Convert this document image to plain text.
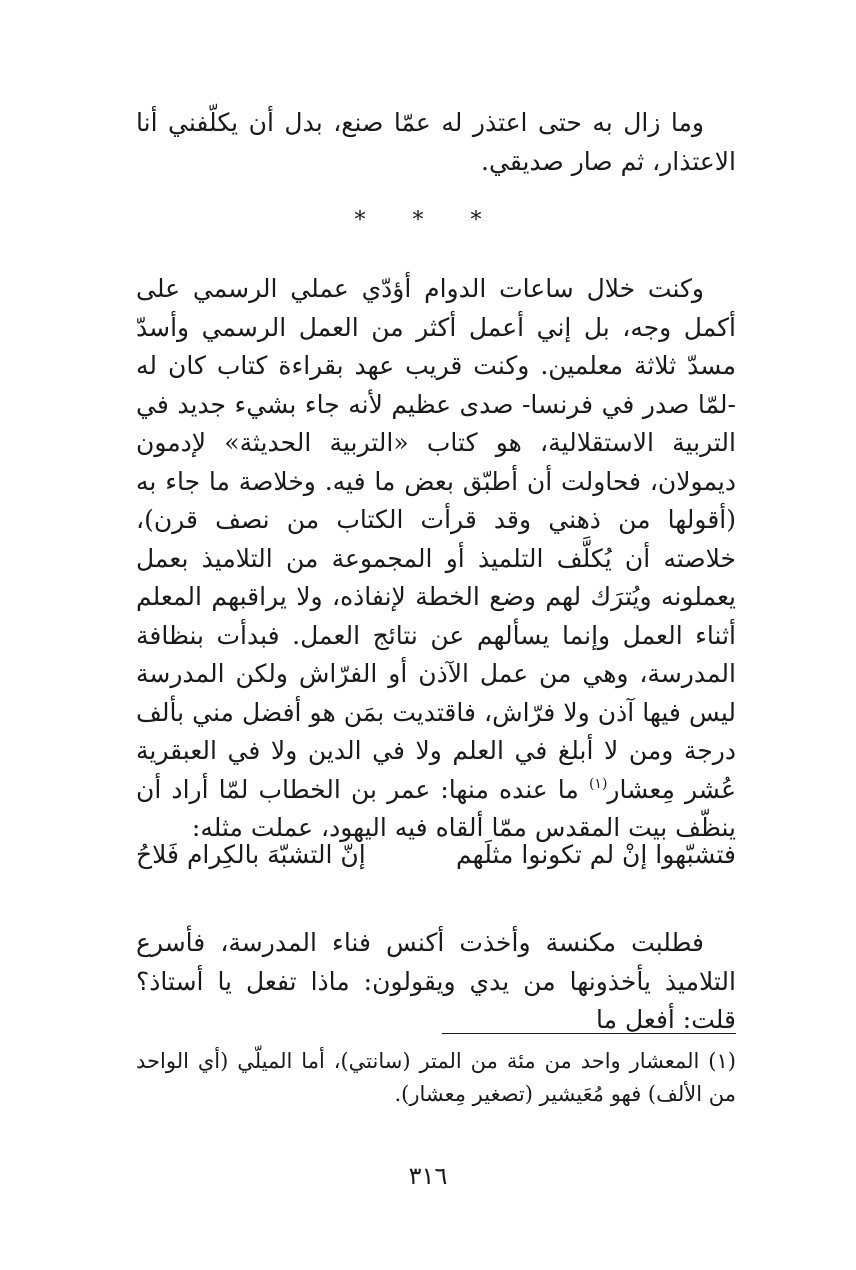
وما زال به حتى اعتذر له عمّا صنع، بدل أن يكلّفني أنا الاعتذار، ثم صار صديقي.

* * *

وكنت خلال ساعات الدوام أؤدّي عملي الرسمي على أكمل وجه، بل إني أعمل أكثر من العمل الرسمي وأسدّ مسدّ ثلاثة معلمين. وكنت قريب عهد بقراءة كتاب كان له -لمّا صدر في فرنسا- صدى عظيم لأنه جاء بشيء جديد في التربية الاستقلالية، هو كتاب «التربية الحديثة» لإدمون ديمولان، فحاولت أن أطبّق بعض ما فيه. وخلاصة ما جاء به (أقولها من ذهني وقد قرأت الكتاب من نصف قرن)، خلاصته أن يُكلَّف التلميذ أو المجموعة من التلاميذ بعمل يعملونه ويُترَك لهم وضع الخطة لإنفاذه، ولا يراقبهم المعلم أثناء العمل وإنما يسألهم عن نتائج العمل. فبدأت بنظافة المدرسة، وهي من عمل الآذن أو الفرّاش ولكن المدرسة ليس فيها آذن ولا فرّاش، فاقتديت بمَن هو أفضل مني بألف درجة ومن لا أبلغ في العلم ولا في الدين ولا في العبقرية عُشر مِعشار$^{(١)}$ ما عنده منها: عمر بن الخطاب لمّا أراد أن ينظّف بيت المقدس ممّا ألقاه فيه اليهود، عملت مثله:

فتشبّهوا إنْ لم تكونوا مثلَهم
إنّ التشبّهَ بالكِرام فَلاحُ

فطلبت مكنسة وأخذت أكنس فناء المدرسة، فأسرع التلاميذ يأخذونها من يدي ويقولون: ماذا تفعل يا أستاذ؟ قلت: أفعل ما

(١) المعشار واحد من مئة من المتر (سانتي)، أما الميلّي (أي الواحد من الألف) فهو مُعَيشير (تصغير مِعشار).

٣١٦
